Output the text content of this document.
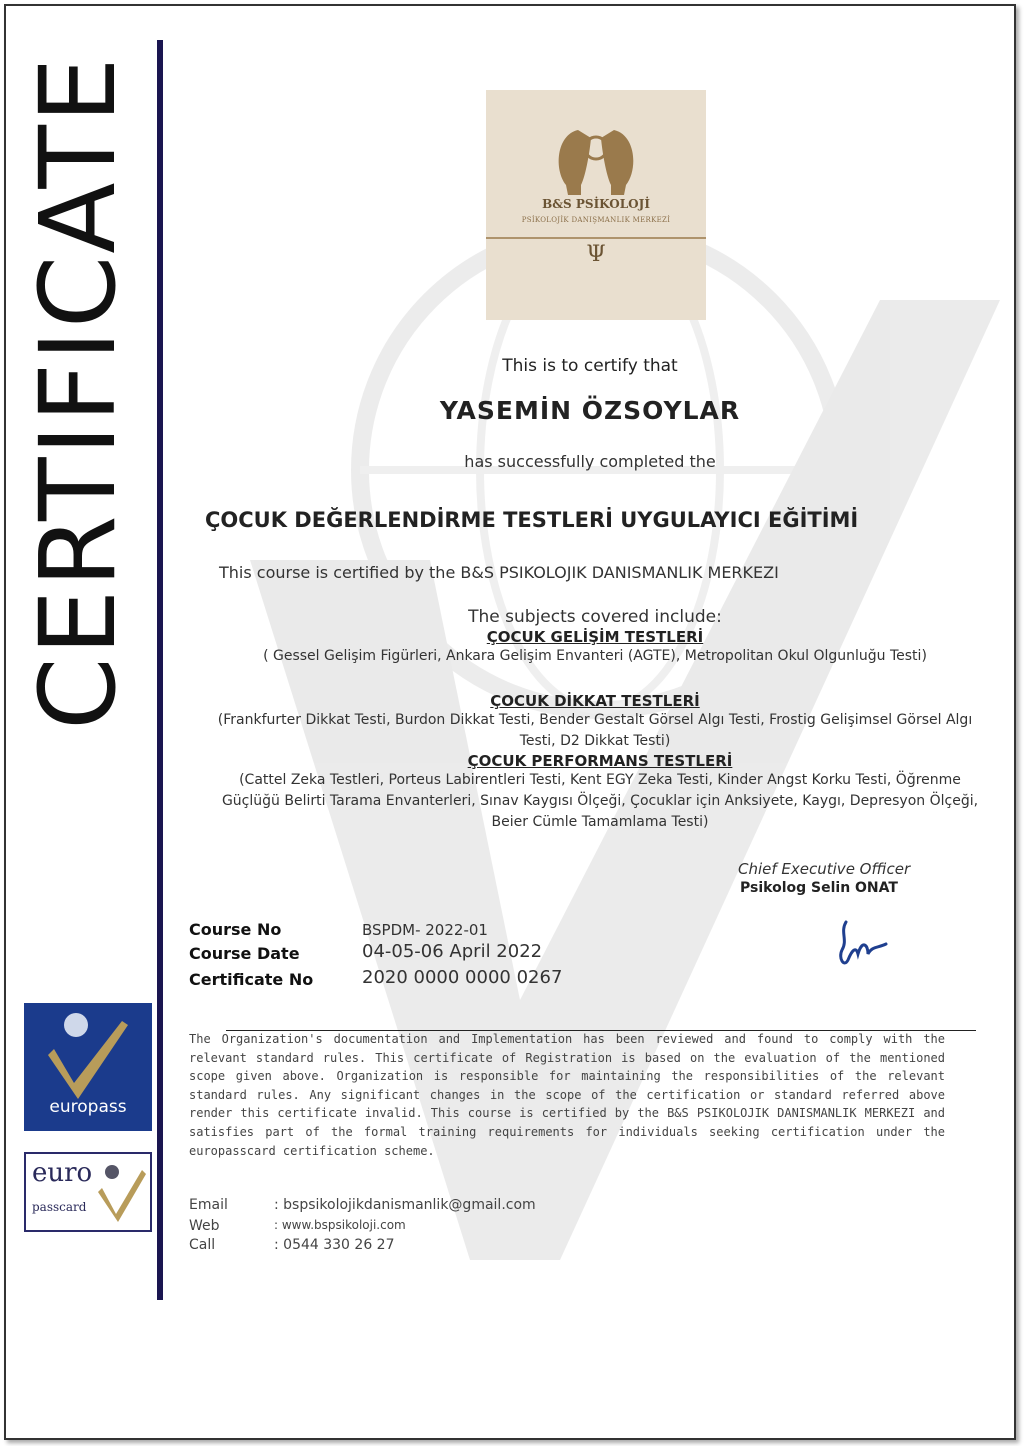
CERTIFICATE	B&S PSİKOLOJİ
PSİKOLOJİK DANIŞMANLIK MERKEZİ
Ψ
This is to certify that
YASEMİN ÖZSOYLAR
has successfully completed the
ÇOCUK DEĞERLENDİRME TESTLERİ UYGULAYICI EĞİTİMİ
This course is certified by the B&S PSIKOLOJIK DANISMANLIK MERKEZI
The subjects covered include:
ÇOCUK GELİŞİM TESTLERİ
( Gessel Gelişim Figürleri, Ankara Gelişim Envanteri (AGTE), Metropolitan Okul Olgunluğu Testi)
ÇOCUK DİKKAT TESTLERİ
(Frankfurter Dikkat Testi, Burdon Dikkat Testi, Bender Gestalt Görsel Algı Testi, Frostig Gelişimsel Görsel Algı Testi, D2 Dikkat Testi)
ÇOCUK PERFORMANS TESTLERİ
(Cattel Zeka Testleri, Porteus Labirentleri Testi, Kent EGY Zeka Testi, Kinder Angst Korku Testi, Öğrenme Güçlüğü Belirti Tarama Envanterleri, Sınav Kaygısı Ölçeği, Çocuklar için Anksiyete, Kaygı, Depresyon Ölçeği, Beier Cümle Tamamlama Testi)
Chief Executive Officer
Psikolog Selin ONAT
Course No	BSPDM- 2022-01
Course Date	04-05-06 April 2022
Certificate No	2020 0000 0000 0267
The Organization's documentation and Implementation has been reviewed and found to comply with the relevant standard rules. This certificate of Registration is based on the evaluation of the mentioned scope given above. Organization is responsible for maintaining the responsibilities of the relevant standard rules. Any significant changes in the scope of the certification or standard referred above render this certificate invalid. This course is certified by the B&S PSIKOLOJIK DANISMANLIK MERKEZI and satisfies part of the formal training requirements for individuals seeking certification under the europasscard certification scheme.
Email	: bspsikolojikdanismanlik@gmail.com
Web	: www.bspsikoloji.com
Call	: 0544 330 26 27
europass
euro
passcard
